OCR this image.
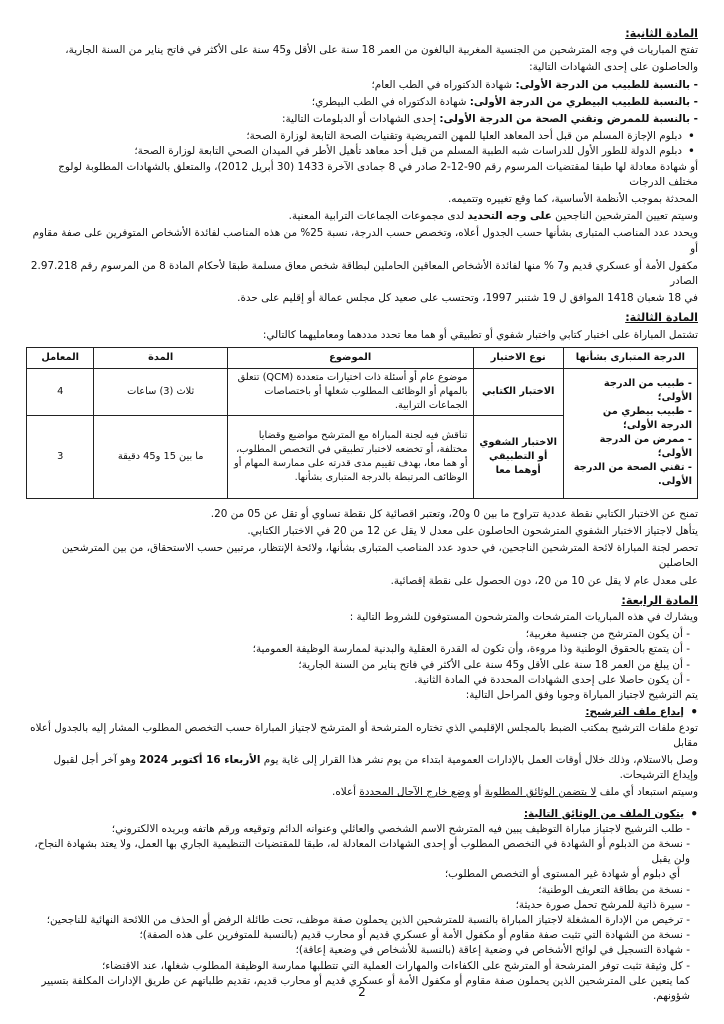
المادة الثانية:

تفتح المباريات في وجه المترشحين من الجنسية المغربية البالغون من العمر 18 سنة على الأقل و45 سنة على الأكثر في فاتح يناير من السنة الجارية،

والحاصلون على إحدى الشهادات التالية:

- بالنسبة للطبيب من الدرجة الأولى: شهادة الدكتوراه في الطب العام؛

- بالنسبة للطبيب البيطري من الدرجة الأولى: شهادة الدكتوراه في الطب البيطري؛

- بالنسبة للممرض وتقني الصحة من الدرجة الأولى: إحدى الشهادات أو الدبلومات التالية:

• دبلوم الإجازة المسلم من قبل أحد المعاهد العليا للمهن التمريضية وتقنيات الصحة التابعة لوزارة الصحة؛
• دبلوم الدولة للطور الأول للدراسات شبه الطبية المسلم من قبل أحد معاهد تأهيل الأطر في الميدان الصحي التابعة لوزارة الصحة؛

أو شهادة معادلة لها طبقا لمقتضيات المرسوم رقم 90-12-2 صادر في 8 جمادى الآخرة 1433 (30 أبريل 2012)، والمتعلق بالشهادات المطلوبة لولوج مختلف الدرجات

المحدثة بموجب الأنظمة الأساسية، كما وقع تغييره وتتميمه.

وسيتم تعيين المترشحين الناجحين على وجه التحديد لدى مجموعات الجماعات الترابية المعنية.

ويحدد عدد المناصب المتبارى بشأنها حسب الجدول أعلاه، وتخصص حسب الدرجة، نسبة 25% من هذه المناصب لفائدة الأشخاص المتوفرين على صفة مقاوم أو

مكفول الأمة أو عسكري قديم و7 % منها لفائدة الأشخاص المعاقين الحاملين لبطاقة شخص معاق مسلمة طبقا لأحكام المادة 8 من المرسوم رقم 2.97.218 الصادر

في 18 شعبان 1418 الموافق ل 19 شتنبر 1997، وتحتسب على صعيد كل مجلس عمالة أو إقليم على حدة.

المادة الثالثة:

تشتمل المباراة على اختبار كتابي واختبار شفوي أو تطبيقي أو هما معا تحدد مددهما ومعامليهما كالتالي:

الدرجة المتبارى بشأنها	نوع الاختبار	الموضوع	المدة	المعامل

- طبيب من الدرجة الأولى؛
- طبيب بيطري من الدرجة الأولى؛
- ممرض من الدرجة الأولى؛
- تقني الصحة من الدرجة الأولى.	الاختبار الكتابي	موضوع عام أو أسئلة ذات اختيارات متعددة (QCM) تتعلق بالمهام أو الوظائف المطلوب شغلها أو باختصاصات الجماعات الترابية.	ثلاث (3) ساعات	4
	الاختبار الشفوي أو التطبيقي أوهما معا	تناقش فيه لجنة المباراة مع المترشح مواضيع وقضايا مختلفة، أو تخضعه لاختبار تطبيقي في التخصص المطلوب، أو هما معا، بهدف تقييم مدى قدرته على ممارسة المهام أو الوظائف المرتبطة بالدرجة المتبارى بشأنها.	ما بين 15 و45 دقيقة	3

تمنح عن الاختبار الكتابي نقطة عددية تتراوح ما بين 0 و20، وتعتبر اقصائية كل نقطة تساوي أو تقل عن 05 من 20.

يتأهل لاجتياز الاختبار الشفوي المترشحون الحاصلون على معدل لا يقل عن 12 من 20 في الاختبار الكتابي.

تحصر لجنة المباراة لائحة المترشحين الناجحين، في حدود عدد المناصب المتبارى بشأنها، ولائحة الإنتظار، مرتبين حسب الاستحقاق، من بين المترشحين الحاصلين

على معدل عام لا يقل عن 10 من 20، دون الحصول على نقطة إقصائية.

المادة الرابعة:

ويشارك في هذه المباريات المترشحات والمترشحون المستوفون للشروط التالية :

- أن يكون المترشح من جنسية مغربية؛
- أن يتمتع بالحقوق الوطنية وذا مروءة، وأن تكون له القدرة العقلية والبدنية لممارسة الوظيفة العمومية؛
- أن يبلغ من العمر 18 سنة على الأقل و45 سنة على الأكثر في فاتح يناير من السنة الجارية؛
- أن يكون حاصلا على إحدى الشهادات المحددة في المادة الثانية.

يتم الترشيح لاجتياز المباراة وجوبا وفق المراحل التالية:

• إيداع ملف الترشيح:

تودع ملفات الترشيح بمكتب الضبط بالمجلس الإقليمي الذي تختاره المترشحة أو المترشح لاجتياز المباراة حسب التخصص المطلوب المشار إليه بالجدول أعلاه مقابل

وصل بالاستلام، وذلك خلال أوقات العمل بالإدارات العمومية ابتداء من يوم نشر هذا القرار إلى غاية يوم الأربعاء 16 أكتوبر 2024 وهو آخر أجل لقبول وإيداع الترشيحات.

وسيتم استبعاد أي ملف لا يتضمن الوثائق المطلوبة أو وضع خارج الآجال المحددة أعلاه.

• يتكون الملف من الوثائق التالية:
- طلب الترشيح لاجتياز مباراة التوظيف يبين فيه المترشح الاسم الشخصي والعائلي وعنوانه الدائم وتوقيعه ورقم هاتفه وبريده الالكتروني؛
- نسخة من الدبلوم أو الشهادة في التخصص المطلوب أو إحدى الشهادات المعادلة له، طبقا للمقتضيات التنظيمية الجاري بها العمل، ولا يعتد بشهادة النجاح، ولن يقبل
أي دبلوم أو شهادة غير المستوى أو التخصص المطلوب؛
- نسخة من بطاقة التعريف الوطنية؛
- سيرة ذاتية للمرشح تحمل صورة حديثة؛
- ترخيص من الإدارة المشغلة لاجتياز المباراة بالنسبة للمترشحين الذين يحملون صفة موظف، تحت طائلة الرفض أو الحذف من اللائحة النهائية للناجحين؛
- نسخة من الشهادة التي تثبت صفة مقاوم أو مكفول الأمة أو عسكري قديم أو محارب قديم (بالنسبة للمتوفرين على هذه الصفة)؛
- شهادة التسجيل في لوائح الأشخاص في وضعية إعاقة (بالنسبة للأشخاص في وضعية إعاقة)؛
- كل وثيقة تثبت توفر المترشحة أو المترشح على الكفاءات والمهارات العملية التي تتطلبها ممارسة الوظيفة المطلوب شغلها، عند الاقتضاء؛
كما يتعين على المترشحين الذين يحملون صفة مقاوم أو مكفول الأمة أو عسكري قديم أو محارب قديم، تقديم طلباتهم عن طريق الإدارات المكلفة بتسيير شؤونهم.
2
